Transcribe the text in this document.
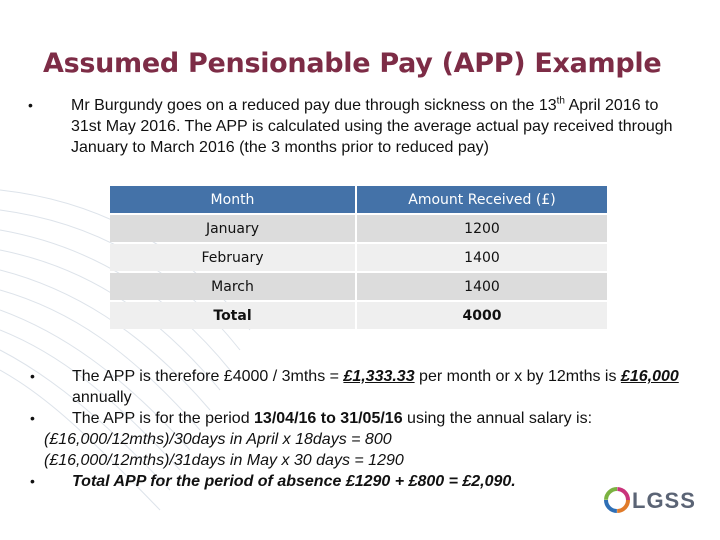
Assumed Pensionable Pay (APP) Example
• Mr Burgundy goes on a reduced pay due through sickness on the 13th April 2016 to 31st May 2016. The APP is calculated using the average actual pay received through January to March 2016 (the 3 months prior to reduced pay)
Month	Amount Received (£)
January	1200
February	1400
March	1400
Total	4000
• The APP is therefore £4000 / 3mths = £1,333.33 per month or x by 12mths is £16,000 annually
• The APP is for the period 13/04/16 to 31/05/16 using the annual salary is:
(£16,000/12mths)/30days in April x 18days = 800
(£16,000/12mths)/31days in May x 30 days = 1290
• Total APP for the period of absence £1290 + £800 = £2,090.
LGSS
